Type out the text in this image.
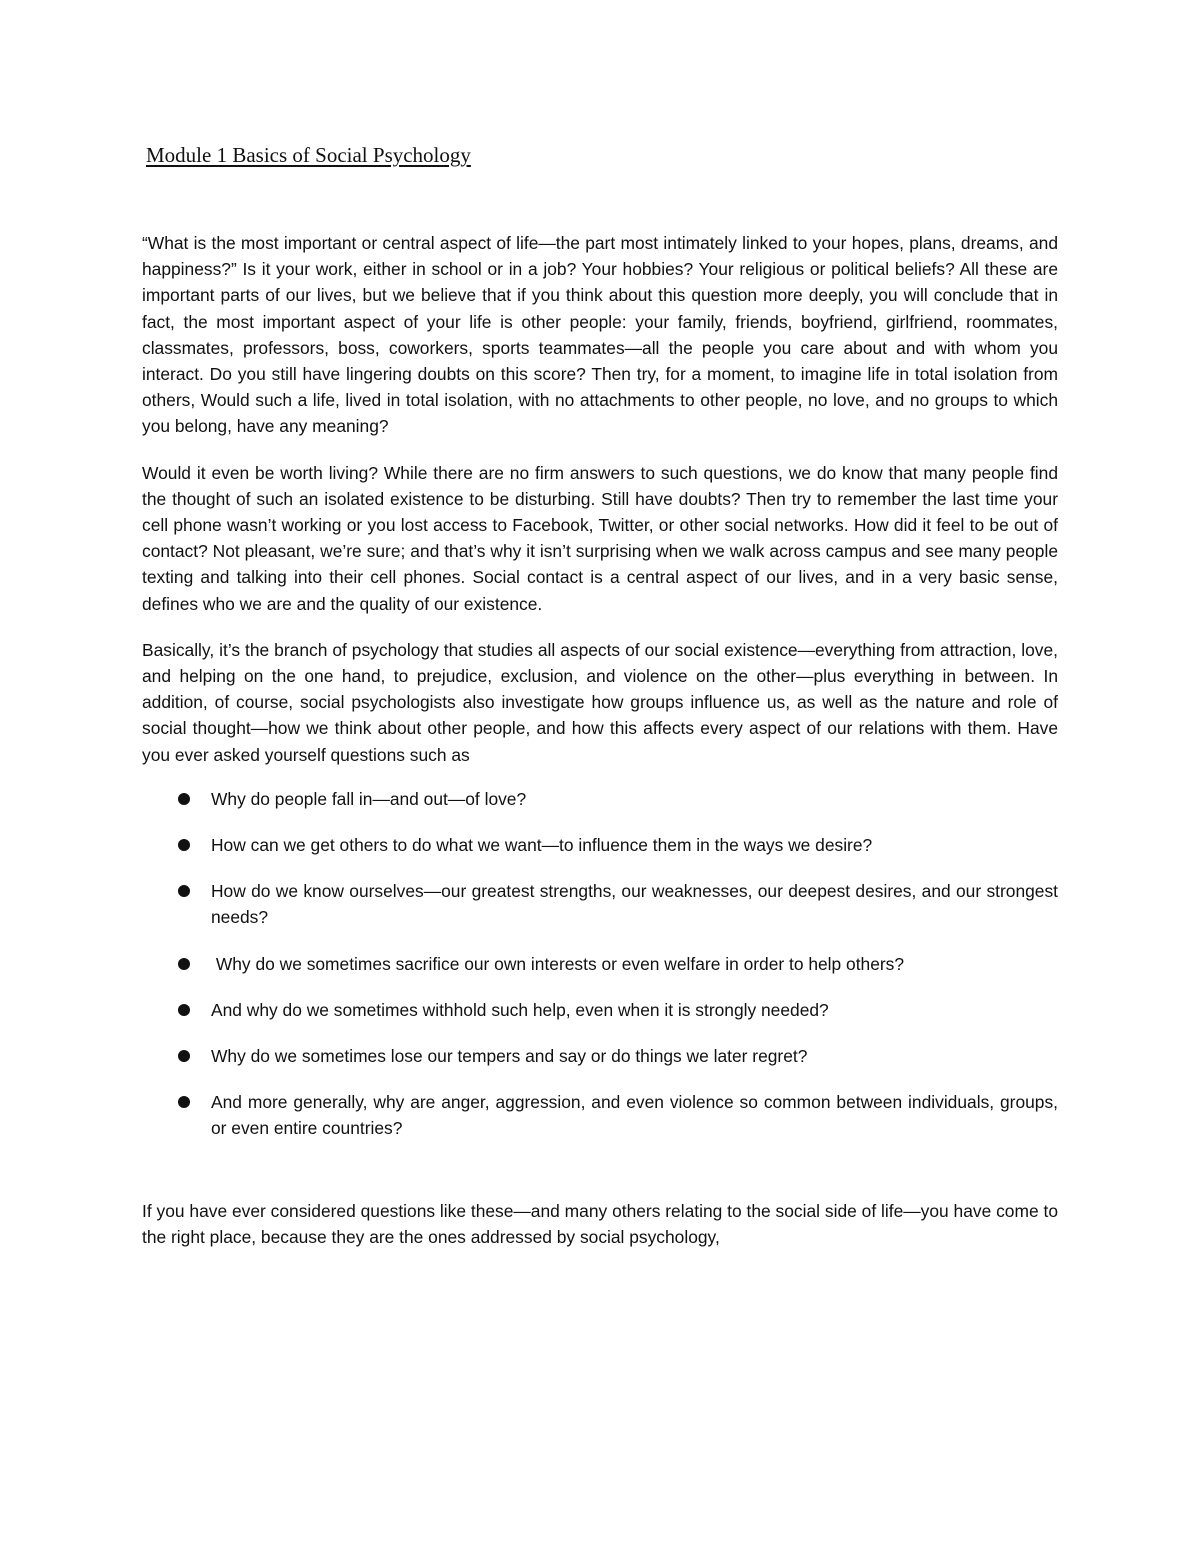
Module 1 Basics of Social Psychology

“What is the most important or central aspect of life—the part most intimately linked to your hopes, plans, dreams, and happiness?” Is it your work, either in school or in a job? Your hobbies? Your religious or political beliefs? All these are important parts of our lives, but we believe that if you think about this question more deeply, you will conclude that in fact, the most important aspect of your life is other people: your family, friends, boyfriend, girlfriend, roommates, classmates, professors, boss, coworkers, sports teammates—all the people you care about and with whom you interact. Do you still have lingering doubts on this score? Then try, for a moment, to imagine life in total isolation from others, Would such a life, lived in total isolation, with no attachments to other people, no love, and no groups to which you belong, have any meaning?

Would it even be worth living? While there are no firm answers to such questions, we do know that many people find the thought of such an isolated existence to be disturbing. Still have doubts? Then try to remember the last time your cell phone wasn’t working or you lost access to Facebook, Twitter, or other social networks. How did it feel to be out of contact? Not pleasant, we’re sure; and that’s why it isn’t surprising when we walk across campus and see many people texting and talking into their cell phones. Social contact is a central aspect of our lives, and in a very basic sense, defines who we are and the quality of our existence.

Basically, it’s the branch of psychology that studies all aspects of our social existence—everything from attraction, love, and helping on the one hand, to prejudice, exclusion, and violence on the other—plus everything in between. In addition, of course, social psychologists also investigate how groups influence us, as well as the nature and role of social thought—how we think about other people, and how this affects every aspect of our relations with them. Have you ever asked yourself questions such as

Why do people fall in—and out—of love?
How can we get others to do what we want—to influence them in the ways we desire?
How do we know ourselves—our greatest strengths, our weaknesses, our deepest desires, and our strongest needs?
Why do we sometimes sacrifice our own interests or even welfare in order to help others?
And why do we sometimes withhold such help, even when it is strongly needed?
Why do we sometimes lose our tempers and say or do things we later regret?
And more generally, why are anger, aggression, and even violence so common between individuals, groups, or even entire countries?

If you have ever considered questions like these—and many others relating to the social side of life—you have come to the right place, because they are the ones addressed by social psychology,
